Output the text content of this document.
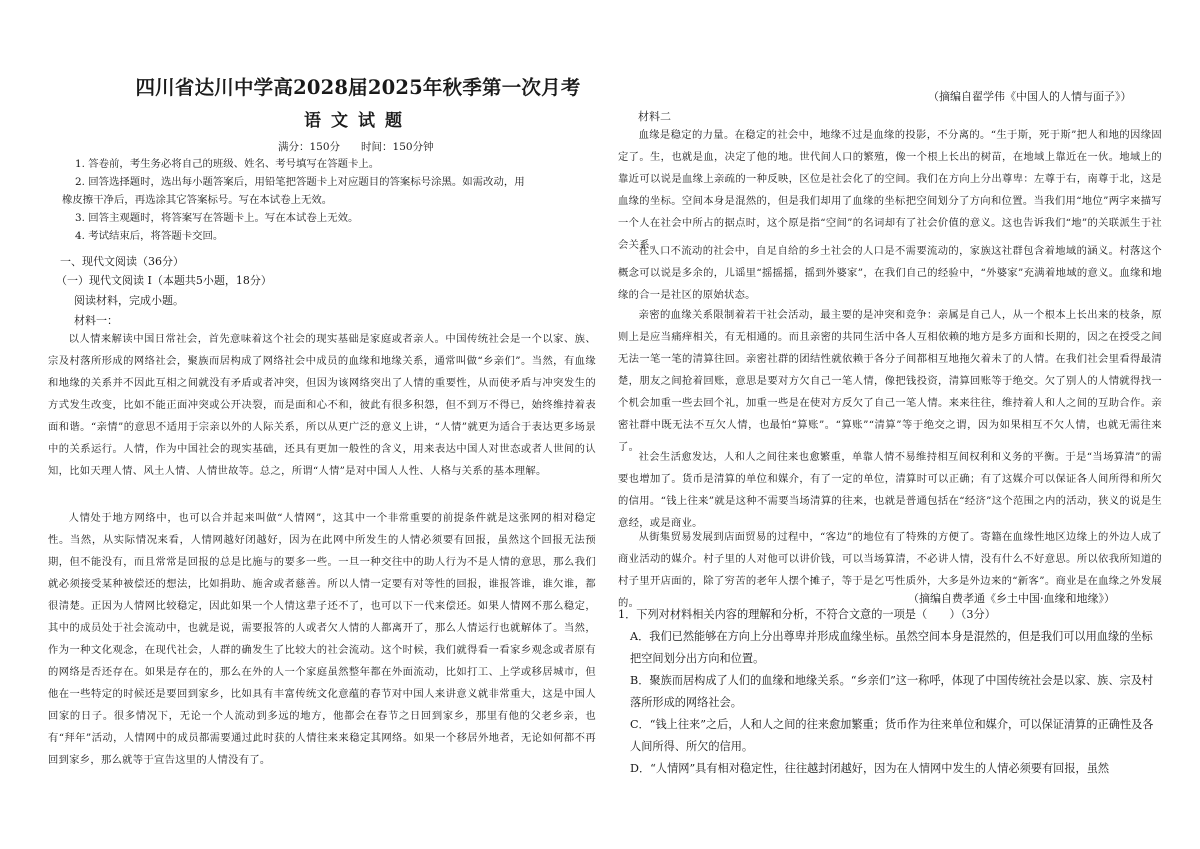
四川省达川中学高2028届2025年秋季第一次月考
语文试题
满分：150分　　时间：150分钟

1. 答卷前，考生务必将自己的班级、姓名、考号填写在答题卡上。

2. 回答选择题时，选出每小题答案后，用铅笔把答题卡上对应题目的答案标号涂黑。如需改动，用

橡皮擦干净后，再选涂其它答案标号。写在本试卷上无效。

3. 回答主观题时，将答案写在答题卡上。写在本试卷上无效。

4. 考试结束后，将答题卡交回。

一、现代文阅读（36分）
（一）现代文阅读 I（本题共5小题，18分）
阅读材料，完成小题。
材料一：

以人情来解读中国日常社会，首先意味着这个社会的现实基础是家庭或者亲人。中国传统社会是一个以家、族、宗及村落所形成的网络社会，聚族而居构成了网络社会中成员的血缘和地缘关系，通常叫做“乡亲们”。当然，有血缘和地缘的关系并不因此互相之间就没有矛盾或者冲突，但因为该网络突出了人情的重要性，从而使矛盾与冲突发生的方式发生改变，比如不能正面冲突或公开决裂，而是面和心不和，彼此有很多积怨，但不到万不得已，始终维持着表面和谐。“亲情”的意思不适用于宗亲以外的人际关系，所以从更广泛的意义上讲，“人情”就更为适合于表达更多场景中的关系运行。人情，作为中国社会的现实基础，还具有更加一般性的含义，用来表达中国人对世态或者人世间的认知，比如天理人情、风土人情、人情世故等。总之，所谓“人情”是对中国人人性、人格与关系的基本理解。

人情处于地方网络中，也可以合并起来叫做“人情网”，这其中一个非常重要的前提条件就是这张网的相对稳定性。当然，从实际情况来看，人情网越好闭越好，因为在此网中所发生的人情必须要有回报，虽然这个回报无法预期，但不能没有，而且常常是回报的总是比施与的要多一些。一旦一种交往中的助人行为不是人情的意思，那么我们就必须接受某种被偿还的想法，比如捐助、施舍或者慈善。所以人情一定要有对等性的回报，谁报答谁，谁欠谁，都很清楚。正因为人情网比较稳定，因此如果一个人情这辈子还不了，也可以下一代来偿还。如果人情网不那么稳定，其中的成员处于社会流动中，也就是说，需要报答的人或者欠人情的人都离开了，那么人情运行也就解体了。当然，作为一种文化观念，在现代社会，人群的确发生了比较大的社会流动。这个时候，我们就得看一看家乡观念或者原有的网络是否还存在。如果是存在的，那么在外的人一个家庭虽然整年都在外面流动，比如打工、上学或移居城市，但他在一些特定的时候还是要回到家乡，比如具有丰富传统文化意蕴的春节对中国人来讲意义就非常重大，这是中国人回家的日子。很多情况下，无论一个人流动到多远的地方，他都会在春节之日回到家乡，那里有他的父老乡亲，也有“拜年”活动，人情网中的成员都需要通过此时获的人情往来来稳定其网络。如果一个移居外地者，无论如何都不再回到家乡，那么就等于宣告这里的人情没有了。

（摘编自翟学伟《中国人的人情与面子》）
材料二

血缘是稳定的力量。在稳定的社会中，地缘不过是血缘的投影，不分离的。“生于斯，死于斯”把人和地的因缘固定了。生，也就是血，决定了他的地。世代间人口的繁殖，像一个根上长出的树苗，在地域上靠近在一伙。地域上的靠近可以说是血缘上亲疏的一种反映，区位是社会化了的空间。我们在方向上分出尊卑：左尊于右，南尊于北，这是血缘的坐标。空间本身是混然的，但是我们却用了血缘的坐标把空间划分了方向和位置。当我们用“地位”两字来描写一个人在社会中所占的据点时，这个原是指“空间”的名词却有了社会价值的意义。这也告诉我们“地”的关联派生于社会关系。

在人口不流动的社会中，自足自给的乡土社会的人口是不需要流动的，家族这社群包含着地域的涵义。村落这个概念可以说是多余的，儿谣里“摇摇摇，摇到外婆家”，在我们自己的经验中，“外婆家”充满着地域的意义。血缘和地缘的合一是社区的原始状态。

亲密的血缘关系限制着若干社会活动，最主要的是冲突和竞争：亲属是自己人，从一个根本上长出来的枝条，原则上是应当痛痒相关，有无相通的。而且亲密的共同生活中各人互相依赖的地方是多方面和长期的，因之在授受之间无法一笔一笔的清算往回。亲密社群的团结性就依赖于各分子间都相互地拖欠着未了的人情。在我们社会里看得最清楚，朋友之间抢着回账，意思是要对方欠自己一笔人情，像把钱投资，清算回账等于绝交。欠了别人的人情就得找一个机会加重一些去回个礼，加重一些是在使对方反欠了自己一笔人情。来来往往，维持着人和人之间的互助合作。亲密社群中既无法不互欠人情，也最怕“算账”。“算账”“清算”等于绝交之谓，因为如果相互不欠人情，也就无需往来了。

社会生活愈发达，人和人之间往来也愈繁重，单靠人情不易维持相互间权利和义务的平衡。于是“当场算清”的需要也增加了。货币是清算的单位和媒介，有了一定的单位，清算时可以正确；有了这媒介可以保证各人间所得和所欠的信用。“钱上往来”就是这种不需要当场清算的往来，也就是普通包括在“经济”这个范围之内的活动，狭义的说是生意经，或是商业。

从街集贸易发展到店面贸易的过程中，“客边”的地位有了特殊的方便了。寄籍在血缘性地区边缘上的外边人成了商业活动的媒介。村子里的人对他可以讲价钱，可以当场算清，不必讲人情，没有什么不好意思。所以依我所知道的村子里开店面的，除了穷苦的老年人摆个摊子，等于是乞丐性质外，大多是外边来的“新客”。商业是在血缘之外发展的。	（摘编自费孝通《乡土中国·血缘和地缘》）

1．下列对材料相关内容的理解和分析，不符合文意的一项是（　　）（3分）

A．我们已然能够在方向上分出尊卑并形成血缘坐标。虽然空间本身是混然的，但是我们可以用血缘的坐标把空间划分出方向和位置。

B．聚族而居构成了人们的血缘和地缘关系。“乡亲们”这一称呼，体现了中国传统社会是以家、族、宗及村落所形成的网络社会。

C．“钱上往来”之后，人和人之间的往来愈加繁重；货币作为往来单位和媒介，可以保证清算的正确性及各人间所得、所欠的信用。

D．“人情网”具有相对稳定性，往往越封闭越好，因为在人情网中发生的人情必须要有回报，虽然
